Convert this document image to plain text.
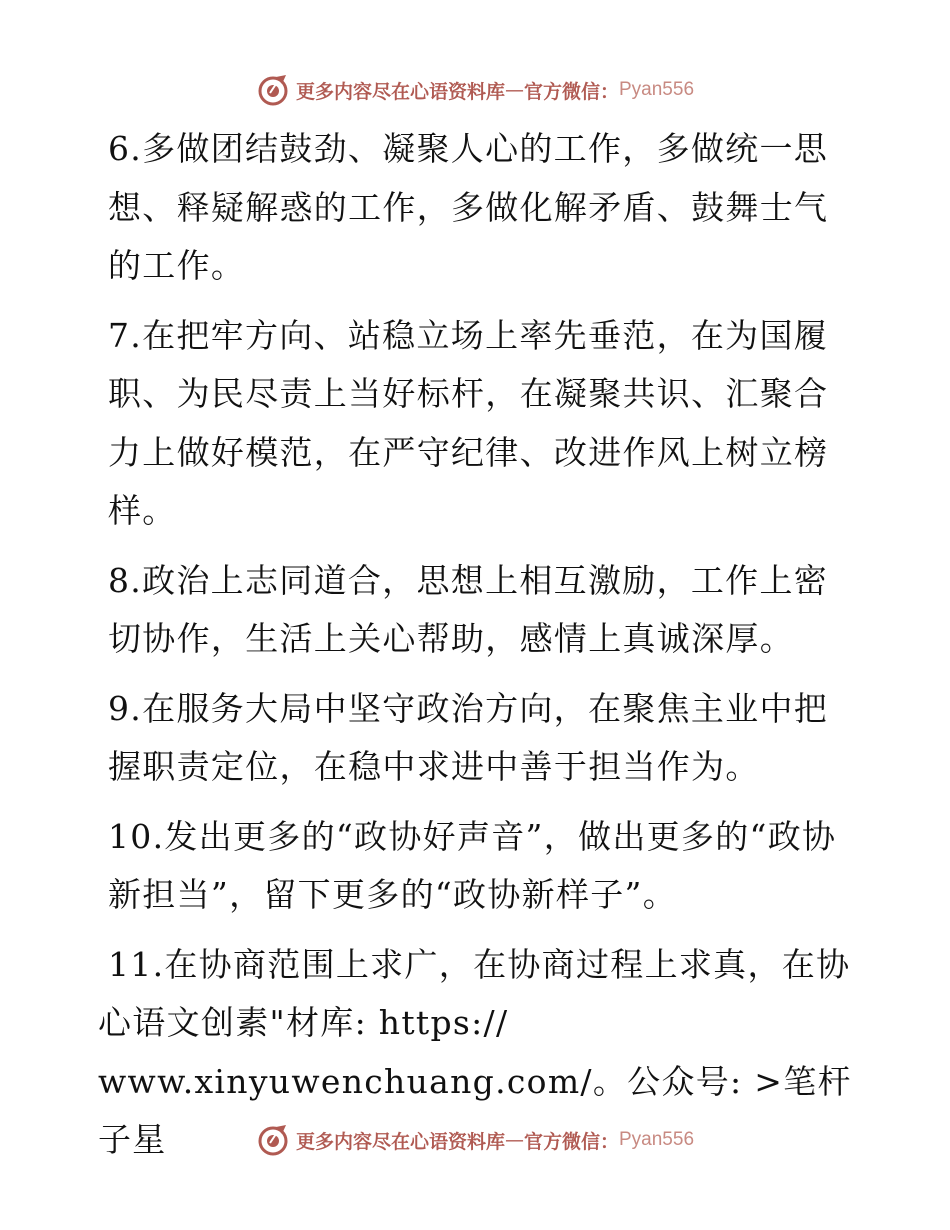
更多内容尽在心语资料库 — 官方微信： Pyan556

6.多做团结鼓劲、凝聚人心的工作，多做统一思想、释疑解惑的工作，多做化解矛盾、鼓舞士气的工作。

7.在把牢方向、站稳立场上率先垂范，在为国履职、为民尽责上当好标杆，在凝聚共识、汇聚合力上做好模范，在严守纪律、改进作风上树立榜样。

8.政治上志同道合，思想上相互激励，工作上密切协作，生活上关心帮助，感情上真诚深厚。

9.在服务大局中坚守政治方向，在聚焦主业中把握职责定位，在稳中求进中善于担当作为。

10.发出更多的“政协好声音”，做出更多的“政协新担当”，留下更多的“政协新样子”。

11.在协商范围上求广，在协商过程上求真，在协

心语文创素"材库: https://

www.xinyuwenchuang.com/。公众号: >笔杆子星	更多内容尽在心语资料库 — 官方微信： Pyan556
